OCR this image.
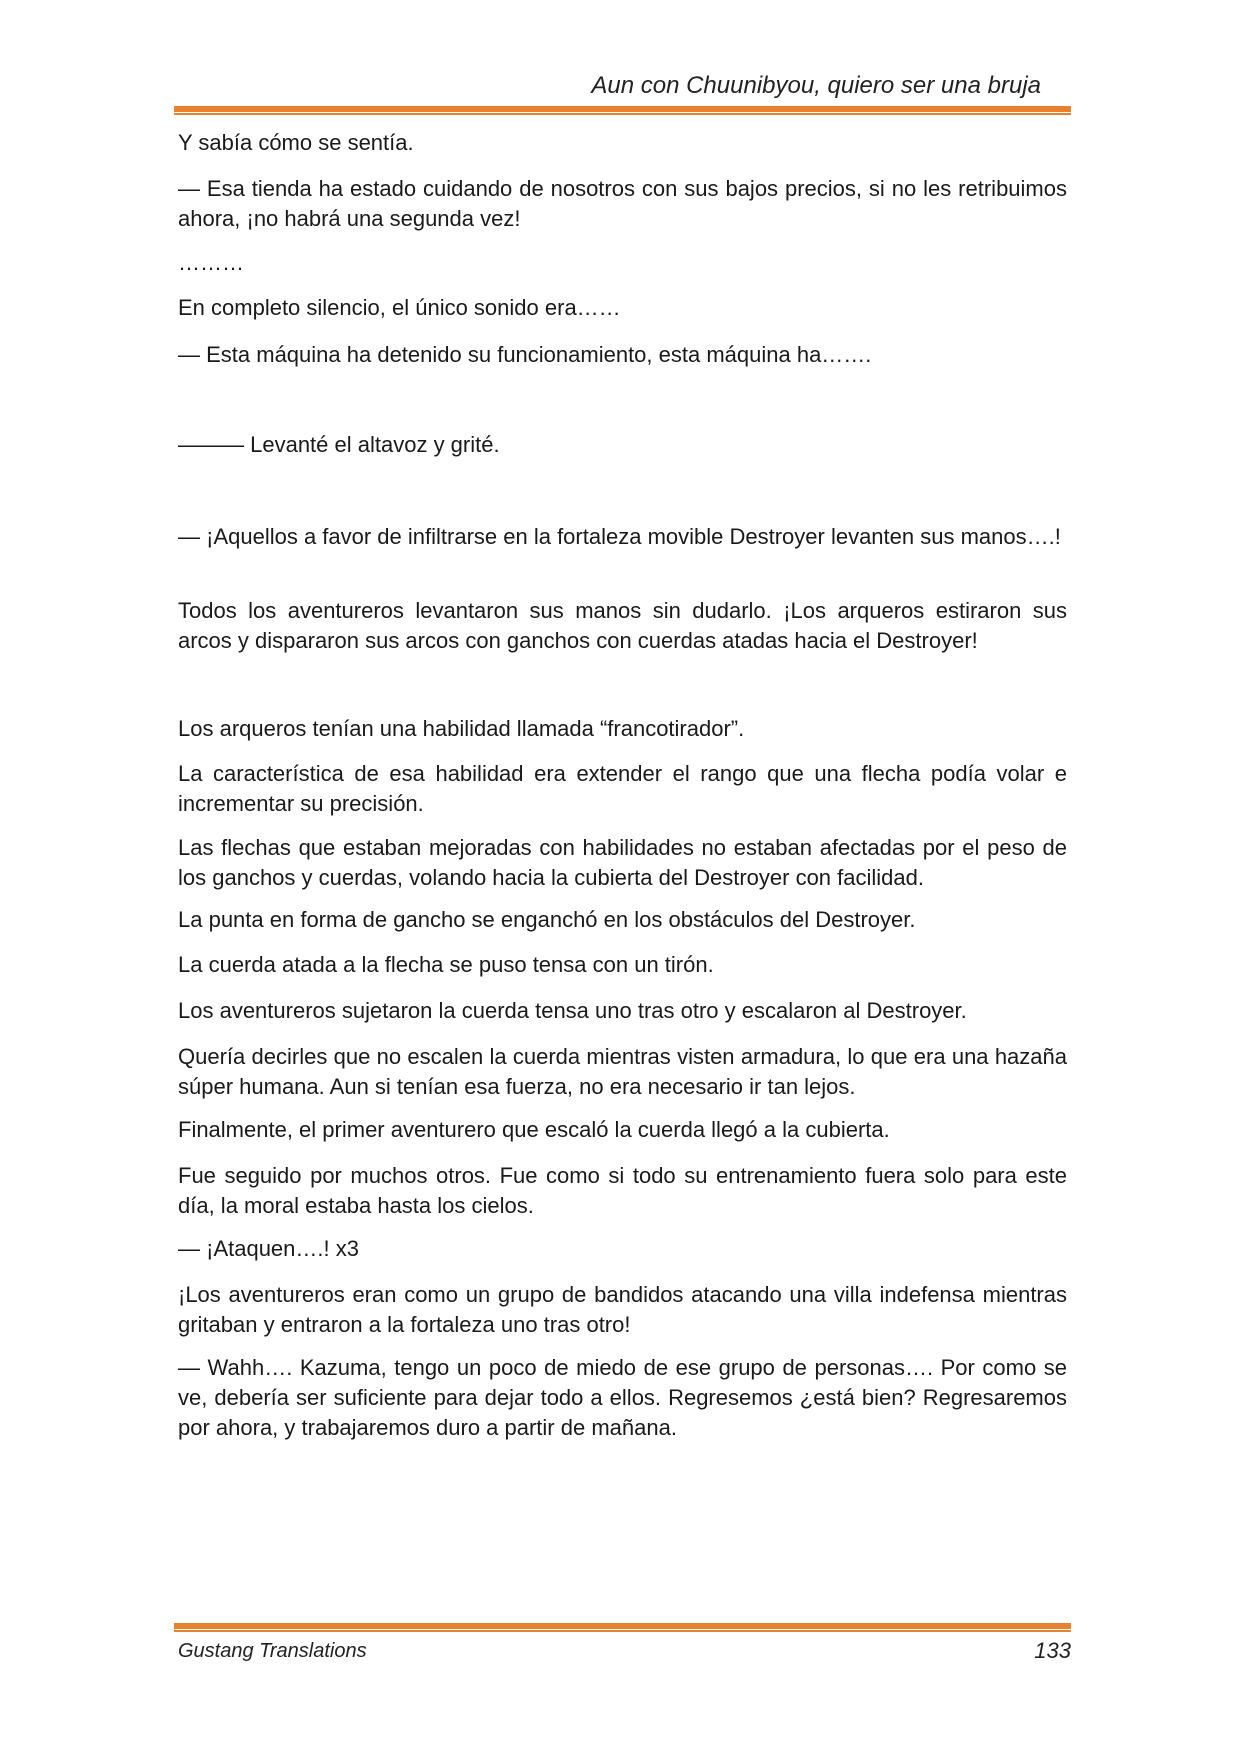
Aun con Chuunibyou, quiero ser una bruja

Y sabía cómo se sentía.

— Esa tienda ha estado cuidando de nosotros con sus bajos precios, si no les retribuimos ahora, ¡no habrá una segunda vez!

………

En completo silencio, el único sonido era……

— Esta máquina ha detenido su funcionamiento, esta máquina ha…….

——— Levanté el altavoz y grité.

— ¡Aquellos a favor de infiltrarse en la fortaleza movible Destroyer levanten sus manos….!

Todos los aventureros levantaron sus manos sin dudarlo. ¡Los arqueros estiraron sus arcos y dispararon sus arcos con ganchos con cuerdas atadas hacia el Destroyer!

Los arqueros tenían una habilidad llamada “francotirador”.

La característica de esa habilidad era extender el rango que una flecha podía volar e incrementar su precisión.

Las flechas que estaban mejoradas con habilidades no estaban afectadas por el peso de los ganchos y cuerdas, volando hacia la cubierta del Destroyer con facilidad.

La punta en forma de gancho se enganchó en los obstáculos del Destroyer.

La cuerda atada a la flecha se puso tensa con un tirón.

Los aventureros sujetaron la cuerda tensa uno tras otro y escalaron al Destroyer.

Quería decirles que no escalen la cuerda mientras visten armadura, lo que era una hazaña súper humana. Aun si tenían esa fuerza, no era necesario ir tan lejos.

Finalmente, el primer aventurero que escaló la cuerda llegó a la cubierta.

Fue seguido por muchos otros. Fue como si todo su entrenamiento fuera solo para este día, la moral estaba hasta los cielos.

— ¡Ataquen….! x3

¡Los aventureros eran como un grupo de bandidos atacando una villa indefensa mientras gritaban y entraron a la fortaleza uno tras otro!

— Wahh…. Kazuma, tengo un poco de miedo de ese grupo de personas…. Por como se ve, debería ser suficiente para dejar todo a ellos. Regresemos ¿está bien? Regresaremos por ahora, y trabajaremos duro a partir de mañana.

Gustang Translations	133
